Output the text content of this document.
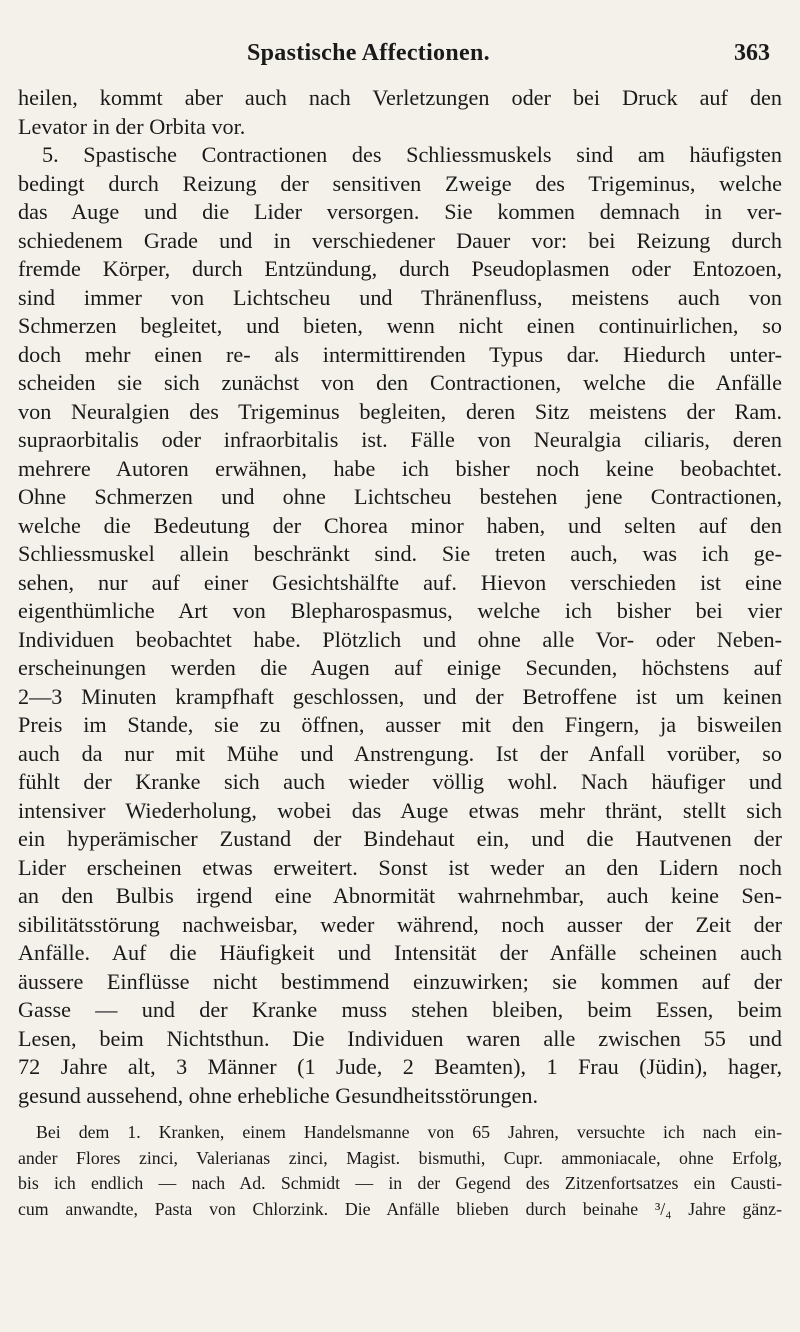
Spastische Affectionen.	363
heilen, kommt aber auch nach Verletzungen oder bei Druck auf den
Levator in der Orbita vor.
5. Spastische Contractionen des Schliessmuskels sind am häufigsten
bedingt durch Reizung der sensitiven Zweige des Trigeminus, welche
das Auge und die Lider versorgen. Sie kommen demnach in ver-
schiedenem Grade und in verschiedener Dauer vor: bei Reizung durch
fremde Körper, durch Entzündung, durch Pseudoplasmen oder Entozoen,
sind immer von Lichtscheu und Thränenfluss, meistens auch von
Schmerzen begleitet, und bieten, wenn nicht einen continuirlichen, so
doch mehr einen re- als intermittirenden Typus dar. Hiedurch unter-
scheiden sie sich zunächst von den Contractionen, welche die Anfälle
von Neuralgien des Trigeminus begleiten, deren Sitz meistens der Ram.
supraorbitalis oder infraorbitalis ist. Fälle von Neuralgia ciliaris, deren
mehrere Autoren erwähnen, habe ich bisher noch keine beobachtet.
Ohne Schmerzen und ohne Lichtscheu bestehen jene Contractionen,
welche die Bedeutung der Chorea minor haben, und selten auf den
Schliessmuskel allein beschränkt sind. Sie treten auch, was ich ge-
sehen, nur auf einer Gesichtshälfte auf. Hievon verschieden ist eine
eigenthümliche Art von Blepharospasmus, welche ich bisher bei vier
Individuen beobachtet habe. Plötzlich und ohne alle Vor- oder Neben-
erscheinungen werden die Augen auf einige Secunden, höchstens auf
2—3 Minuten krampfhaft geschlossen, und der Betroffene ist um keinen
Preis im Stande, sie zu öffnen, ausser mit den Fingern, ja bisweilen
auch da nur mit Mühe und Anstrengung. Ist der Anfall vorüber, so
fühlt der Kranke sich auch wieder völlig wohl. Nach häufiger und
intensiver Wiederholung, wobei das Auge etwas mehr thränt, stellt sich
ein hyperämischer Zustand der Bindehaut ein, und die Hautvenen der
Lider erscheinen etwas erweitert. Sonst ist weder an den Lidern noch
an den Bulbis irgend eine Abnormität wahrnehmbar, auch keine Sen-
sibilitätsstörung nachweisbar, weder während, noch ausser der Zeit der
Anfälle. Auf die Häufigkeit und Intensität der Anfälle scheinen auch
äussere Einflüsse nicht bestimmend einzuwirken; sie kommen auf der
Gasse — und der Kranke muss stehen bleiben, beim Essen, beim
Lesen, beim Nichtsthun. Die Individuen waren alle zwischen 55 und
72 Jahre alt, 3 Männer (1 Jude, 2 Beamten), 1 Frau (Jüdin), hager,
gesund aussehend, ohne erhebliche Gesundheitsstörungen.
Bei dem 1. Kranken, einem Handelsmanne von 65 Jahren, versuchte ich nach ein-
ander Flores zinci, Valerianas zinci, Magist. bismuthi, Cupr. ammoniacale, ohne Erfolg,
bis ich endlich — nach Ad. Schmidt — in der Gegend des Zitzenfortsatzes ein Causti-
cum anwandte, Pasta von Chlorzink. Die Anfälle blieben durch beinahe ³/₄ Jahre gänz-
